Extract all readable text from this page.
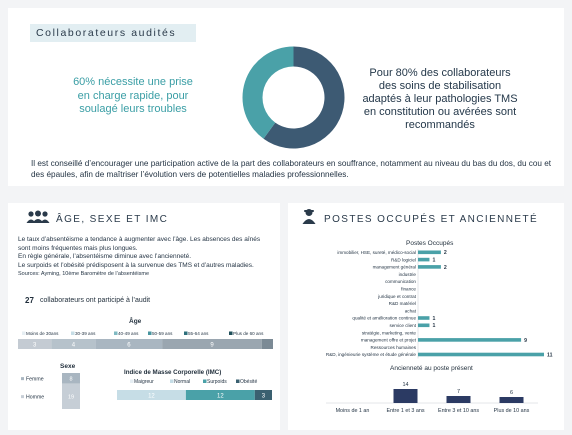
Collaborateurs audités
60% nécessite une prise en charge rapide, pour soulagé leurs troubles
Pour 80% des collaborateurs des soins de stabilisation adaptés à leur pathologies TMS en constitution ou avérées sont recommandés
Il est conseillé d’encourager une participation active de la part des collaborateurs en souffrance, notamment au niveau du bas du dos, du cou et des épaules, afin de maîtriser l’évolution vers de potentielles maladies professionnelles.
ÂGE, SEXE ET IMC
Le taux d’absentéisme a tendance à augmenter avec l’âge. Les absences des aînés sont moins fréquentes mais plus longues.
En règle générale, l’absentéisme diminue avec l’ancienneté.
Le surpoids et l’obésité prédisposent à la survenue des TMS et d’autres maladies.
Sources: Ayming, 10ème Baromètre de l’absentéisme
27 collaborateurs ont participé à l’audit
Âge
Moins de 30ans	30-39 ans	40-49 ans	50-59 ans	55-64 ans	Plus de 60 ans
3	4	6	9
Sexe
8
Femme
19
Homme
Indice de Masse Corporelle (IMC)
Maigreur	Normal	Surpoids	Obésité
12	12	3
POSTES OCCUPÉS ET ANCIENNETÉ
Postes Occupés
immobilier, HSE, sureté, médico-social	2
R&D logiciel	1
management général	2
industrie
communication
finance
juridique et contrat
R&D matériel
achat
qualité et amélioration continue	1
service client	1
stratégie, marketing, vente
management offre et projet	9
Ressources humaines
R&D, ingénieurie système et étude générale	11
Ancienneté au poste présent
Moins de 1 an
14
Entre 1 et 3 ans
7
Entre 3 et 10 ans
6
Plus de 10 ans
